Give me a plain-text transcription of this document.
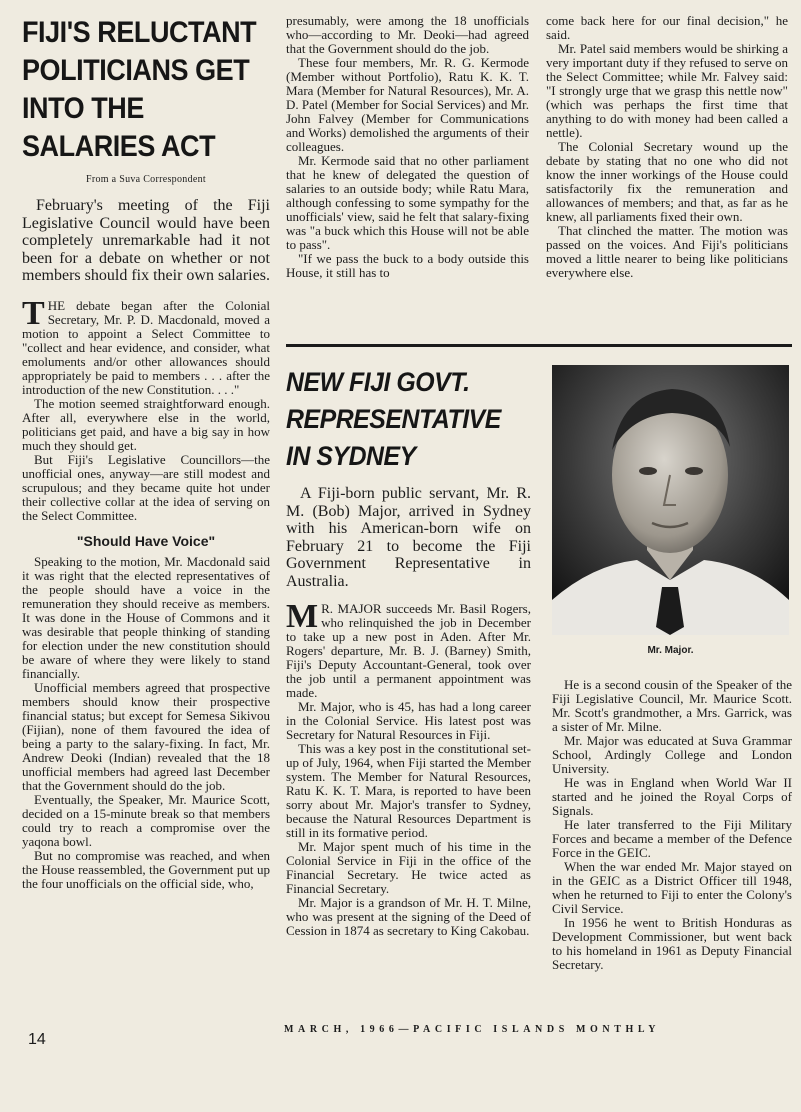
FIJI'S RELUCTANT POLITICIANS GET INTO THE SALARIES ACT
From a Suva Correspondent

February's meeting of the Fiji Legislative Council would have been completely unremarkable had it not been for a debate on whether or not members should fix their own salaries.

THE debate began after the Colonial Secretary, Mr. P. D. Macdonald, moved a motion to appoint a Select Committee to "collect and hear evidence, and consider, what emoluments and/or other allowances should appropriately be paid to members . . . after the introduction of the new Constitution. . . ."

The motion seemed straightforward enough. After all, everywhere else in the world, politicians get paid, and have a big say in how much they should get.

But Fiji's Legislative Councillors—the unofficial ones, anyway—are still modest and scrupulous; and they became quite hot under their collective collar at the idea of serving on the Select Committee.

"Should Have Voice"

Speaking to the motion, Mr. Macdonald said it was right that the elected representatives of the people should have a voice in the remuneration they should receive as members. It was done in the House of Commons and it was desirable that people thinking of standing for election under the new constitution should be aware of where they were likely to stand financially.

Unofficial members agreed that prospective members should know their prospective financial status; but except for Semesa Sikivou (Fijian), none of them favoured the idea of being a party to the salary-fixing. In fact, Mr. Andrew Deoki (Indian) revealed that the 18 unofficial members had agreed last December that the Government should do the job.

Eventually, the Speaker, Mr. Maurice Scott, decided on a 15-minute break so that members could try to reach a compromise over the yaqona bowl.

But no compromise was reached, and when the House reassembled, the Government put up the four unofficials on the official side, who,

presumably, were among the 18 unofficials who—according to Mr. Deoki—had agreed that the Government should do the job.

These four members, Mr. R. G. Kermode (Member without Portfolio), Ratu K. K. T. Mara (Member for Natural Resources), Mr. A. D. Patel (Member for Social Services) and Mr. John Falvey (Member for Communications and Works) demolished the arguments of their colleagues.

Mr. Kermode said that no other parliament that he knew of delegated the question of salaries to an outside body; while Ratu Mara, although confessing to some sympathy for the unofficials' view, said he felt that salary-fixing was "a buck which this House will not be able to pass".

"If we pass the buck to a body outside this House, it still has to

come back here for our final decision," he said.

Mr. Patel said members would be shirking a very important duty if they refused to serve on the Select Committee; while Mr. Falvey said: "I strongly urge that we grasp this nettle now" (which was perhaps the first time that anything to do with money had been called a nettle).

The Colonial Secretary wound up the debate by stating that no one who did not know the inner workings of the House could satisfactorily fix the remuneration and allowances of members; and that, as far as he knew, all parliaments fixed their own.

That clinched the matter. The motion was passed on the voices. And Fiji's politicians moved a little nearer to being like politicians everywhere else.

NEW FIJI GOVT. REPRESENTATIVE IN SYDNEY

A Fiji-born public servant, Mr. R. M. (Bob) Major, arrived in Sydney with his American-born wife on February 21 to become the Fiji Government Representative in Australia.

M R. MAJOR succeeds Mr. Basil Rogers, who relinquished the job in December to take up a new post in Aden. After Mr. Rogers' departure, Mr. B. J. (Barney) Smith, Fiji's Deputy Accountant-General, took over the job until a permanent appointment was made.

Mr. Major, who is 45, has had a long career in the Colonial Service. His latest post was Secretary for Natural Resources in Fiji.

This was a key post in the constitutional set-up of July, 1964, when Fiji started the Member system. The Member for Natural Resources, Ratu K. K. T. Mara, is reported to have been sorry about Mr. Major's transfer to Sydney, because the Natural Resources Department is still in its formative period.

Mr. Major spent much of his time in the Colonial Service in Fiji in the office of the Financial Secretary. He twice acted as Financial Secretary.

Mr. Major is a grandson of Mr. H. T. Milne, who was present at the signing of the Deed of Cession in 1874 as secretary to King Cakobau.

Mr. Major.

He is a second cousin of the Speaker of the Fiji Legislative Council, Mr. Maurice Scott. Mr. Scott's grandmother, a Mrs. Garrick, was a sister of Mr. Milne.

Mr. Major was educated at Suva Grammar School, Ardingly College and London University.

He was in England when World War II started and he joined the Royal Corps of Signals.

He later transferred to the Fiji Military Forces and became a member of the Defence Force in the GEIC.

When the war ended Mr. Major stayed on in the GEIC as a District Officer till 1948, when he returned to Fiji to enter the Colony's Civil Service.

In 1956 he went to British Honduras as Development Commissioner, but went back to his homeland in 1961 as Deputy Financial Secretary.

14
MARCH, 1966—PACIFIC ISLANDS MONTHLY
